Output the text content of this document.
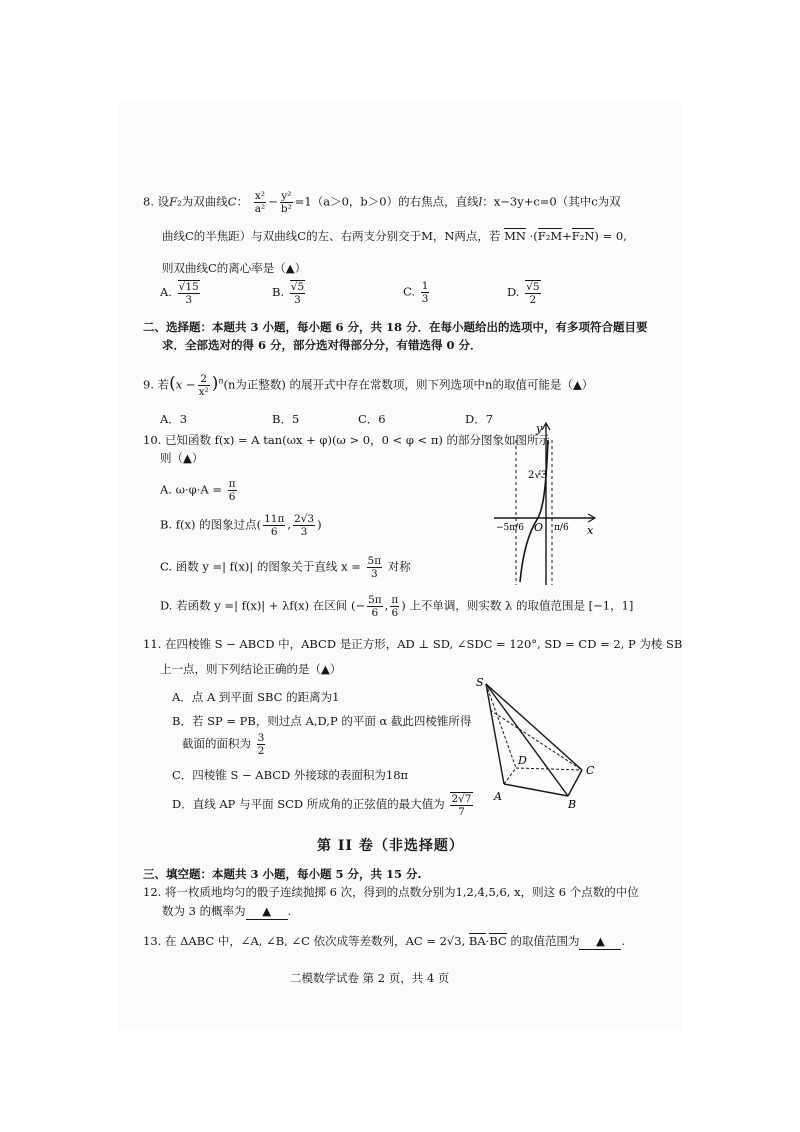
8. 设F₂为双曲线C： $\frac{\text{x²}}{\text{a²}} - \frac{\text{y²}}{\text{b²}} =1(a>0$，b＞0）的右焦点，直线l：x−3y+c=0（其中c为双
曲线C的半焦距）与双曲线C的左、右两支分别交于M，N两点，若 MN ·(F₂M+F₂N) = 0,
则双曲线C的离心率是（▲）
A. $\frac{√15}{3}$	B. $\frac{√5}{3}$	C. $\frac{1}{3}$	D. $\frac{√5}{2}$
二、选择题：本题共 3 小题，每小题 6 分，共 18 分．在每小题给出的选项中，有多项符合题目要
求．全部选对的得 6 分，部分选对得部分分，有错选得 0 分．
9. 若$(x - \frac{2}{\text{x²}} )^n(n$为正整数) 的展开式中存在常数项，则下列选项中n的取值可能是（▲）
A．3	B．5	C．6	D．7
10. 已知函数 f(x) = A tan(ωx + φ)(ω > 0，0 < φ < π) 的部分图象如图所示
则（▲）
A. $\omega\cdot\varphi\cdot A = \frac{\pi}{6}$
B. f(x) 的图象过点( $\frac{11\pi}{6}$ , $\frac{2√3}{3}$ )
C. 函数 y =| f(x)| 的图象关于直线 $x = \frac{5\pi}{3}$ 对称
D. 若函数 y =| f(x)| + λf(x) 在区间 (− $\frac{5\pi}{6}$ , $\frac{\pi}{6}$ ) 上不单调，则实数 λ 的取值范围是 [−1，1]
y
x
O
2√3
−5π/6	π/6
11. 在四棱锥 S − ABCD 中，ABCD 是正方形，AD ⊥ SD, ∠SDC = 120°, SD = CD = 2, P 为棱 SB
上一点，则下列结论正确的是（▲）
A．点 A 到平面 SBC 的距离为1
B．若 SP = PB，则过点 A,D,P 的平面 α 截此四棱锥所得
截面的面积为 $\frac{3}{2}$
C．四棱锥 S − ABCD 外接球的表面积为18π
D．直线 AP 与平面 SCD 所成角的正弦值的最大值为 $\frac{2√7}{7}$
S
A
B
C
D
第 II 卷（非选择题）
三、填空题：本题共 3 小题，每小题 5 分，共 15 分.
12. 将一枚质地均匀的骰子连续抛掷 6 次，得到的点数分别为1,2,4,5,6, x，则这 6 个点数的中位
数为 3 的概率为 ▲ .
13. 在 ΔABC 中，∠A, ∠B, ∠C 依次成等差数列，AC = 2√3, BA·BC 的取值范围为 ▲ .
二模数学试卷 第 2 页，共 4 页
